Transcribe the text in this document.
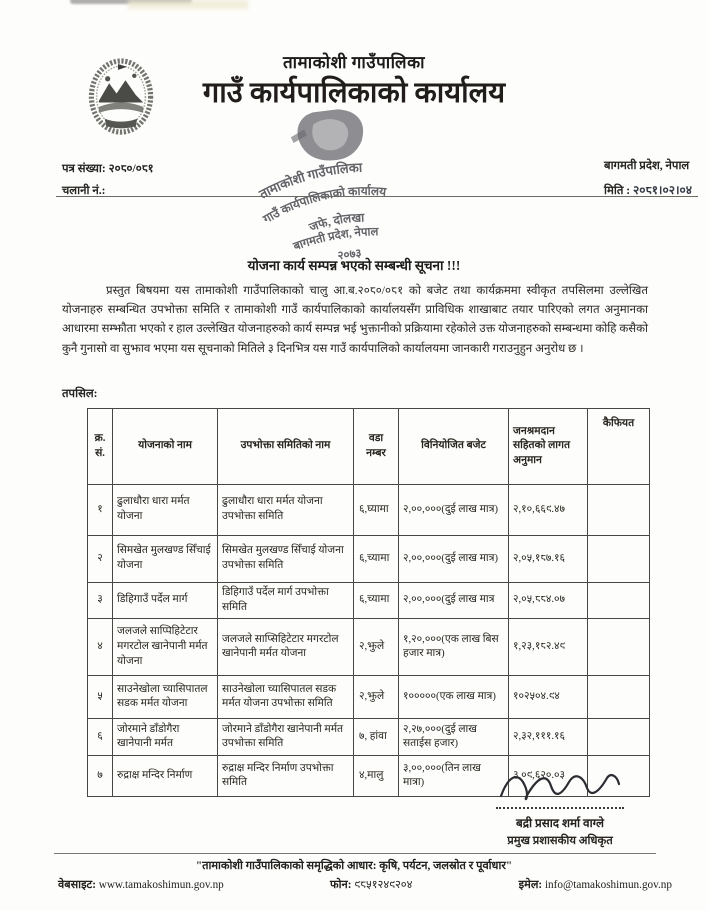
तामाकोशी गाउँपालिका
गाउँ कार्यपालिकाको कार्यालय
तामाकोशी गाउँपालिका
गाउँ कार्यपालिकाको कार्यालय
जफे, दोलखा
बागमती प्रदेश, नेपाल
२०७३
पत्र संख्या: २०८०/०८१
चलानी नं.:
बागमती प्रदेश, नेपाल
मिति : २०८१।०२।०४
योजना कार्य सम्पन्न भएको सम्बन्धी सूचना !!!
प्रस्तुत बिषयमा यस तामाकोशी गाउँपालिकाको चालु आ.ब.२०८०/०८१ को बजेट तथा कार्यक्रममा स्वीकृत तपसिलमा उल्लेखित योजनाहरु सम्बन्धित उपभोक्ता समिति र तामाकोशी गाउँ कार्यपालिकाको कार्यालयसँग प्राविधिक शाखाबाट तयार पारिएको लगत अनुमानका आधारमा सम्झौता भएको र हाल उल्लेखित योजनाहरुको कार्य सम्पन्न भई भुक्तानीको प्रक्रियामा रहेकोले उक्त योजनाहरुको सम्बन्धमा कोहि कसैको कुनै गुनासो वा सुझाव भएमा यस सूचनाको मितिले ३ दिनभित्र यस गाउँ कार्यपालिको कार्यालयमा जानकारी गराउनुहुन अनुरोध छ ।
तपसिल:
क्र. सं.	योजनाको नाम	उपभोक्ता समितिको नाम	वडा नम्बर	विनियोजित बजेट	जनश्रमदान सहितको लागत अनुमान	कैफियत
१	ढुलाधौरा धारा मर्मत योजना	ढुलाधौरा धारा मर्मत योजना उपभोक्ता समिति	६,घ्यामा	२,००,०००(दुई लाख मात्र)	२,१०,६६९.४७	
२	सिमखेत मुलखण्ड सिँचाई योजना	सिमखेत मुलखण्ड सिँचाई योजना उपभोक्ता समिति	६,च्यामा	२,००,०००(दुई लाख मात्र)	२,०५,१८७.१६	
३	डिहिगाउँ पर्देल मार्ग	डिहिगाउँ पर्देल मार्ग उपभोक्ता समिति	६,च्यामा	२,००,०००(दुई लाख मात्र	२,०५,८८४.०७	
४	जलजले साप्पिहिटेटार मगरटोल खानेपानी मर्मत योजना	जलजले साप्सिहिटेटार मगरटोल खानेपानी मर्मत योजना	२,झुले	१,२०,०००(एक लाख बिस हजार मात्र)	१,२३,१८२.४९	
५	साउनेखोला च्यासिपातल सडक मर्मत योजना	साउनेखोला च्यासिपातल सडक मर्मत योजना उपभोक्ता समिति	२,झुले	१०००००(एक लाख मात्र)	१०२५०४.९४	
६	जोरमाने डाँडोगैरा खानेपानी मर्मत	जोरमाने डाँडोगैरा खानेपानी मर्मत उपभोक्ता समिति	७, हांवा	२,२७,०००(दुई लाख सताईस हजार)	२,३२,१११.१६	
७	रुद्राक्ष मन्दिर निर्माण	रुद्राक्ष मन्दिर निर्माण उपभोक्ता समिति	४,मालु	३,००,०००(तिन लाख मात्रा)	३,०९,६२०.०३	
बद्री प्रसाद शर्मा वाग्ले
प्रमुख प्रशासकीय अधिकृत
"तामाकोशी गाउँपालिकाको समृद्धिको आधार: कृषि, पर्यटन, जलस्रोत र पूर्वाधार"
वेबसाइट: www.tamakoshimun.gov.np	फोन: ९८५१२४९२०४	इमेल: info@tamakoshimun.gov.np
